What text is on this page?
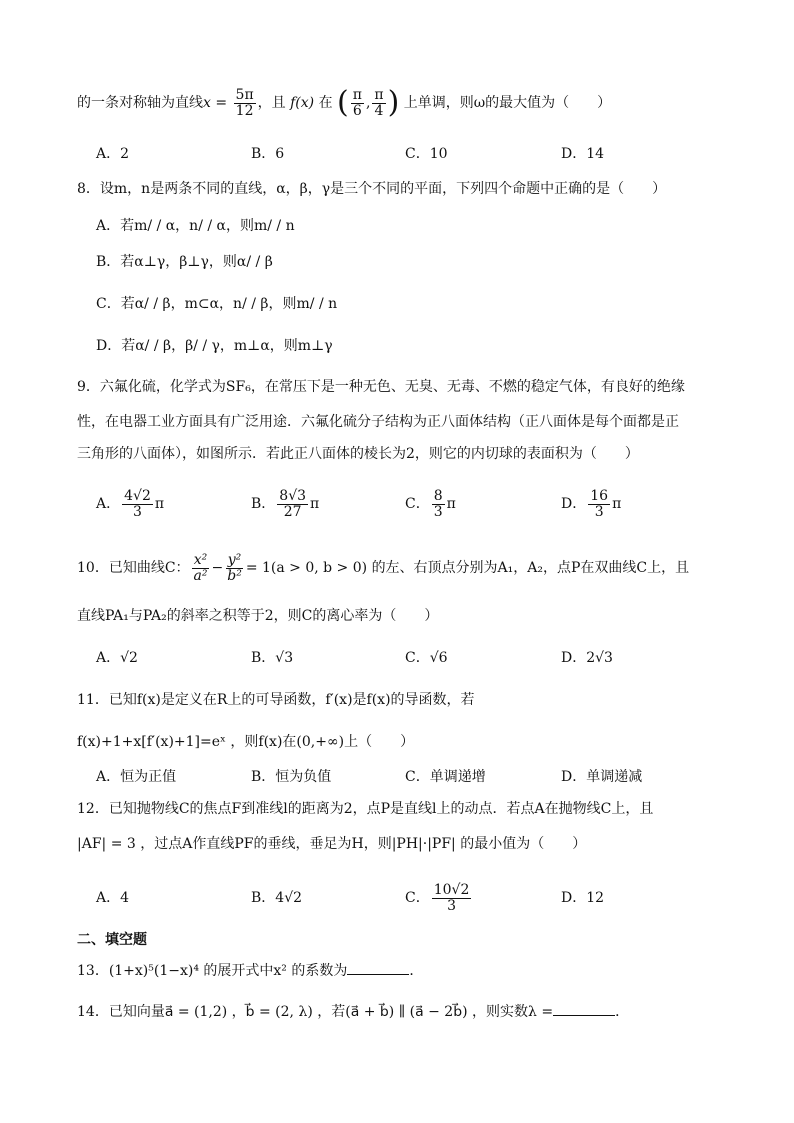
的一条对称轴为直线$x = \frac{5\pi}{12}$ ，且 f(x) 在 ( $\frac{\pi}{6}$ , $\frac{\pi}{4}$ ) 上单调，则ω的最大值为（　　）
A．2	B．6	C．10	D．14
8．设m，n是两条不同的直线，α，β，γ是三个不同的平面，下列四个命题中正确的是（　　）
A．若m/ / α，n/ / α，则m/ / n
B．若α⊥γ，β⊥γ，则α/ / β
C．若α/ / β，m⊂α，n/ / β，则m/ / n
D．若α/ / β，β/ / γ，m⊥α，则m⊥γ
9．六氟化硫，化学式为SF₆，在常压下是一种无色、无臭、无毒、不燃的稳定气体，有良好的绝缘
性，在电器工业方面具有广泛用途．六氟化硫分子结构为正八面体结构（正八面体是每个面都是正
三角形的八面体），如图所示．若此正八面体的棱长为2，则它的内切球的表面积为（　　）
A． $\frac{4√2}{3}$ π	B． $\frac{8√3}{27}$ π	C． $\frac{8}{3}$ π	D． $\frac{16}{3}$ π
10．已知曲线C： $\frac{\text{x²}}{\text{a²}} - \frac{\text{y²}}{\text{b²}} = 1(a > 0$, b > 0) 的左、右顶点分别为A₁，A₂，点P在双曲线C上，且
直线PA₁与PA₂的斜率之积等于2，则C的离心率为（　　）
A．√2	B．√3	C．√6	D．2√3
11．已知f(x)是定义在R上的可导函数，f′(x)是f(x)的导函数，若
f(x)+1+x[f′(x)+1]=eˣ ，则f(x)在(0,+∞)上（　　）
A．恒为正值	B．恒为负值	C．单调递增	D．单调递减
12．已知抛物线C的焦点F到准线l的距离为2，点P是直线l上的动点．若点A在抛物线C上，且
|AF| = 3 ，过点A作直线PF的垂线，垂足为H，则|PH|·|PF| 的最小值为（　　）
A．4	B．4√2	C． $\frac{10√2}{3}$	D．12
二、填空题
13．(1+x)⁵(1−x)⁴ 的展开式中x² 的系数为	．
14．已知向量a⃗ = (1,2) ，b⃗ = (2, λ) ，若(a⃗ + b⃗) ∥ (a⃗ − 2b⃗) ，则实数λ =	．
